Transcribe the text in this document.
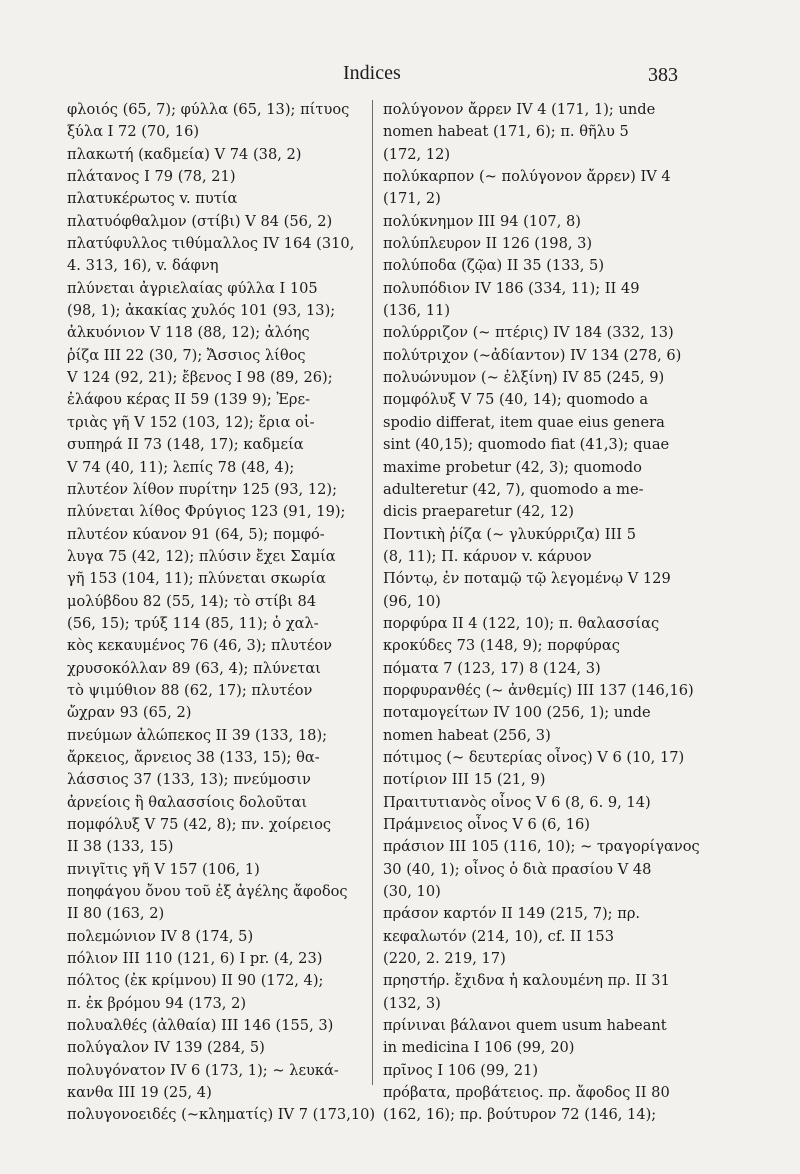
Indices	383
φλοιός (65, 7); φύλλα (65, 13); πίτυος
ξύλα I 72 (70, 16)
πλακωτή (καδμεία) V 74 (38, 2)
πλάτανος I 79 (78, 21)
πλατυκέρωτος v. πυτία
πλατυόφθαλμον (στίβι) V 84 (56, 2)
πλατύφυλλος τιθύμαλλος IV 164 (310,
4. 313, 16), v. δάφνη
πλύνεται ἀγριελαίας φύλλα I 105
(98, 1); ἀκακίας χυλός 101 (93, 13);
ἀλκυόνιον V 118 (88, 12); ἀλόης
ῥίζα III 22 (30, 7); Ἄσσιος λίθος
V 124 (92, 21); ἔβενος I 98 (89, 26);
ἐλάφου κέρας II 59 (139 9); Ἐρε-
τριὰς γῆ V 152 (103, 12); ἔρια οἰ-
συπηρά II 73 (148, 17); καδμεία
V 74 (40, 11); λεπίς 78 (48, 4);
πλυτέον λίθον πυρίτην 125 (93, 12);
πλύνεται λίθος Φρύγιος 123 (91, 19);
πλυτέον κύανον 91 (64, 5); πομφό-
λυγα 75 (42, 12); πλύσιν ἔχει Σαμία
γῆ 153 (104, 11); πλύνεται σκωρία
μολύβδου 82 (55, 14); τὸ στίβι 84
(56, 15); τρύξ 114 (85, 11); ὁ χαλ-
κὸς κεκαυμένος 76 (46, 3); πλυτέον
χρυσοκόλλαν 89 (63, 4); πλύνεται
τὸ ψιμύθιον 88 (62, 17); πλυτέον
ὤχραν 93 (65, 2)
πνεύμων ἀλώπεκος II 39 (133, 18);
ἄρκειος, ἄρνειος 38 (133, 15); θα-
λάσσιος 37 (133, 13); πνεύμοσιν
ἀρνείοις ἢ θαλασσίοις δολοῦται
πομφόλυξ V 75 (42, 8); πν. χοίρειος
II 38 (133, 15)
πνιγῖτις γῆ V 157 (106, 1)
ποηφάγου ὄνου τοῦ ἐξ ἀγέλης ἄφοδος
II 80 (163, 2)
πολεμώνιον IV 8 (174, 5)
πόλιον III 110 (121, 6) I pr. (4, 23)
πόλτος (ἐκ κρίμνου) II 90 (172, 4);
π. ἐκ βρόμου 94 (173, 2)
πολυαλθές (ἀλθαία) III 146 (155, 3)
πολύγαλον IV 139 (284, 5)
πολυγόνατον IV 6 (173, 1); ~ λευκά-
κανθα III 19 (25, 4)
πολυγονοειδές (~κληματίς) IV 7 (173,10)
πολύγονον ἄρρεν IV 4 (171, 1); unde
nomen habeat (171, 6); π. θῆλυ 5
(172, 12)
πολύκαρπον (~ πολύγονον ἄρρεν) IV 4
(171, 2)
πολύκνημον III 94 (107, 8)
πολύπλευρον II 126 (198, 3)
πολύποδα (ζῷα) II 35 (133, 5)
πολυπόδιον IV 186 (334, 11); II 49
(136, 11)
πολύρριζον (~ πτέρις) IV 184 (332, 13)
πολύτριχον (~ἀδίαντον) IV 134 (278, 6)
πολυώνυμον (~ ἐλξίνη) IV 85 (245, 9)
πομφόλυξ V 75 (40, 14); quomodo a
spodio differat, item quae eius genera
sint (40,15); quomodo fiat (41,3); quae
maxime probetur (42, 3); quomodo
adulteretur (42, 7), quomodo a me-
dicis praeparetur (42, 12)
Ποντικὴ ῥίζα (~ γλυκύρριζα) III 5
(8, 11); Π. κάρυον v. κάρυον
Πόντῳ, ἐν ποταμῷ τῷ λεγομένῳ V 129
(96, 10)
πορφύρα II 4 (122, 10); π. θαλασσίας
κροκύδες 73 (148, 9); πορφύρας
πόματα 7 (123, 17) 8 (124, 3)
πορφυρανθές (~ ἀνθεμίς) III 137 (146,16)
ποταμογείτων IV 100 (256, 1); unde
nomen habeat (256, 3)
πότιμος (~ δευτερίας οἶνος) V 6 (10, 17)
ποτίριον III 15 (21, 9)
Πραιτυτιανὸς οἶνος V 6 (8, 6. 9, 14)
Πράμνειος οἶνος V 6 (6, 16)
πράσιον III 105 (116, 10); ~ τραγορίγανος
30 (40, 1); οἶνος ὁ διὰ πρασίου V 48
(30, 10)
πράσον καρτόν II 149 (215, 7); πρ.
κεφαλωτόν (214, 10), cf. II 153
(220, 2. 219, 17)
πρηστήρ. ἔχιδνα ἡ καλουμένη πρ. II 31
(132, 3)
πρίνιναι βάλανοι quem usum habeant
in medicina I 106 (99, 20)
πρῖνος I 106 (99, 21)
πρόβατα, προβάτειος. πρ. ἄφοδος II 80
(162, 16); πρ. βούτυρον 72 (146, 14);
